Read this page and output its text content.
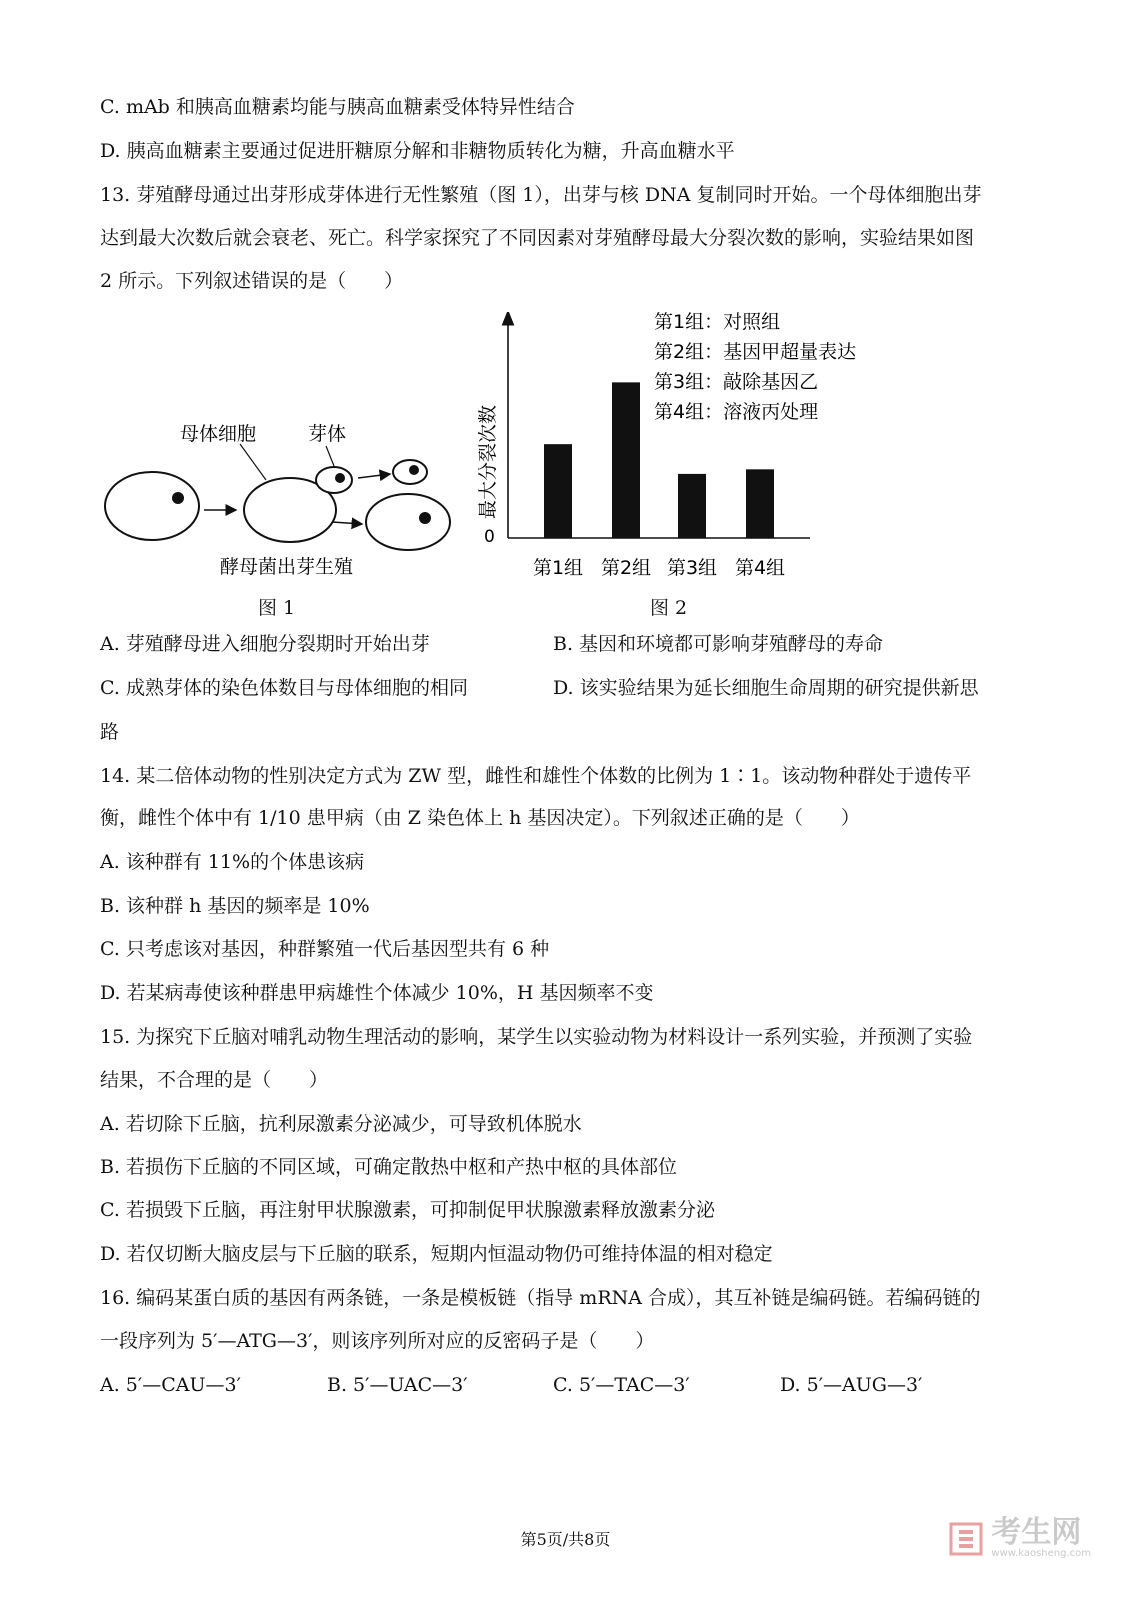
C. mAb 和胰高血糖素均能与胰高血糖素受体特异性结合
D. 胰高血糖素主要通过促进肝糖原分解和非糖物质转化为糖，升高血糖水平
13. 芽殖酵母通过出芽形成芽体进行无性繁殖（图 1），出芽与核 DNA 复制同时开始。一个母体细胞出芽
达到最大次数后就会衰老、死亡。科学家探究了不同因素对芽殖酵母最大分裂次数的影响，实验结果如图
2 所示。下列叙述错误的是（　　）
母体细胞	芽体
酵母菌出芽生殖
图 1
0
最大分裂次数
第1组 第2组 第3组 第4组
第1组：对照组
第2组：基因甲超量表达
第3组：敲除基因乙
第4组：溶液丙处理
图 2
A. 芽殖酵母进入细胞分裂期时开始出芽	B. 基因和环境都可影响芽殖酵母的寿命
C. 成熟芽体的染色体数目与母体细胞的相同	D. 该实验结果为延长细胞生命周期的研究提供新思
路
14. 某二倍体动物的性别决定方式为 ZW 型，雌性和雄性个体数的比例为 1∶1。该动物种群处于遗传平
衡，雌性个体中有 1/10 患甲病（由 Z 染色体上 h 基因决定）。下列叙述正确的是（　　）
A. 该种群有 11%的个体患该病
B. 该种群 h 基因的频率是 10%
C. 只考虑该对基因，种群繁殖一代后基因型共有 6 种
D. 若某病毒使该种群患甲病雄性个体减少 10%，H 基因频率不变
15. 为探究下丘脑对哺乳动物生理活动的影响，某学生以实验动物为材料设计一系列实验，并预测了实验
结果，不合理的是（　　）
A. 若切除下丘脑，抗利尿激素分泌减少，可导致机体脱水
B. 若损伤下丘脑的不同区域，可确定散热中枢和产热中枢的具体部位
C. 若损毁下丘脑，再注射甲状腺激素，可抑制促甲状腺激素释放激素分泌
D. 若仅切断大脑皮层与下丘脑的联系，短期内恒温动物仍可维持体温的相对稳定
16. 编码某蛋白质的基因有两条链，一条是模板链（指导 mRNA 合成），其互补链是编码链。若编码链的
一段序列为 5′—ATG—3′，则该序列所对应的反密码子是（　　）
A. 5′—CAU—3′	B. 5′—UAC—3′	C. 5′—TAC—3′	D. 5′—AUG—3′
第5页/共8页	考生网
www.kaosheng.com
